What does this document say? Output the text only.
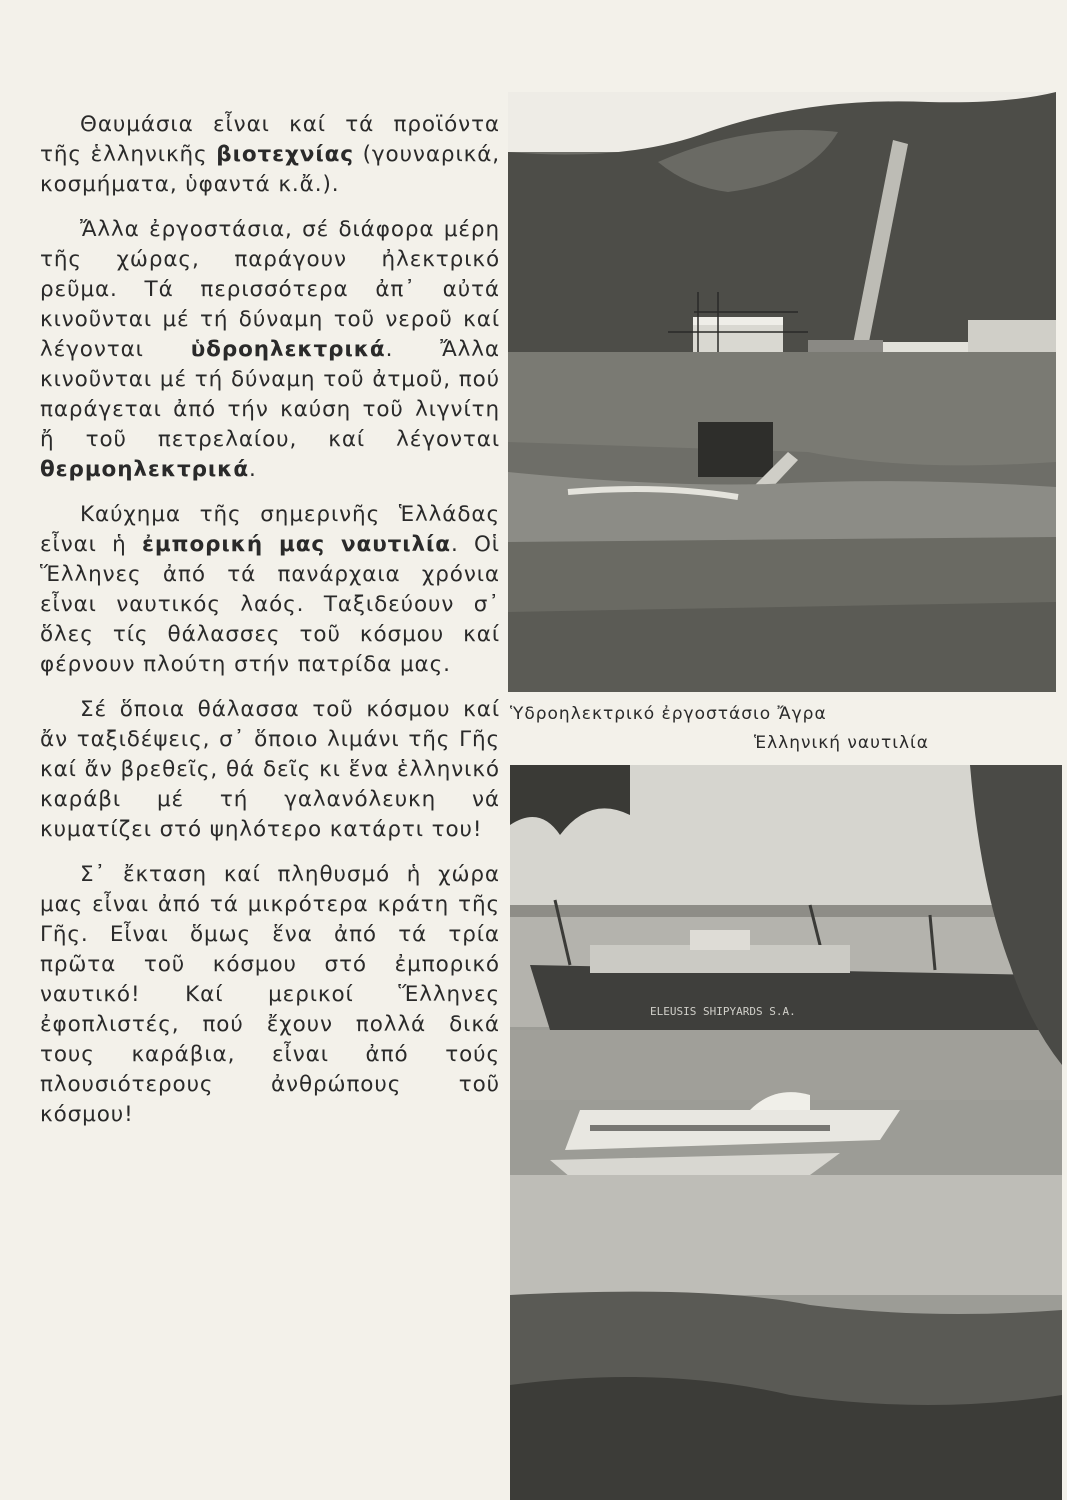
Θαυμάσια εἶναι καί τά προϊόντα τῆς ἑλληνικῆς βιοτεχνίας (γουναρικά, κοσμήματα, ὑφαντά κ.ἄ.).

Ἄλλα ἐργοστάσια, σέ διάφορα μέρη τῆς χώρας, παράγουν ἠλεκτρικό ρεῦμα. Τά περισσότερα ἀπ᾽ αὐτά κινοῦνται μέ τή δύναμη τοῦ νεροῦ καί λέγονται ὑδροηλεκτρικά. Ἄλλα κινοῦνται μέ τή δύναμη τοῦ ἀτμοῦ, πού παράγεται ἀπό τήν καύση τοῦ λιγνίτη ἤ τοῦ πετρελαίου, καί λέγονται θερμοηλεκτρικά.

Καύχημα τῆς σημερινῆς Ἑλλάδας εἶναι ἡ ἐμπορική μας ναυτιλία. Οἱ Ἕλληνες ἀπό τά πανάρχαια χρόνια εἶναι ναυτικός λαός. Ταξιδεύουν σ᾽ ὅλες τίς θάλασσες τοῦ κόσμου καί φέρνουν πλούτη στήν πατρίδα μας.

Σέ ὅποια θάλασσα τοῦ κόσμου καί ἄν ταξιδέψεις, σ᾽ ὅποιο λιμάνι τῆς Γῆς καί ἄν βρεθεῖς, θά δεῖς κι ἕνα ἑλληνικό καράβι μέ τή γαλανόλευκη νά κυματίζει στό ψηλότερο κατάρτι του!

Σ᾽ ἔκταση καί πληθυσμό ἡ χώρα μας εἶναι ἀπό τά μικρότερα κράτη τῆς Γῆς. Εἶναι ὅμως ἕνα ἀπό τά τρία πρῶτα τοῦ κόσμου στό ἐμπορικό ναυτικό! Καί μερικοί Ἕλληνες ἐφοπλιστές, πού ἔχουν πολλά δικά τους καράβια, εἶναι ἀπό τούς πλουσιότερους ἀνθρώπους τοῦ κόσμου!

Ὑδροηλεκτρικό ἐργοστάσιο Ἄγρα
Ἑλληνική ναυτιλία
ELEUSIS SHIPYARDS S.A.
